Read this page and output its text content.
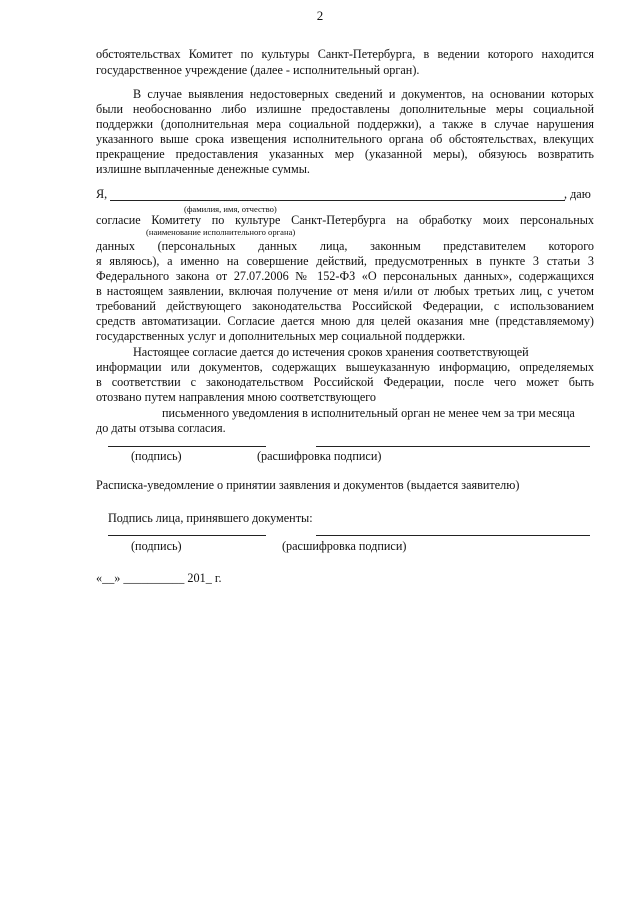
2
обстоятельствах Комитет по культуры Санкт-Петербурга, в ведении которого находится
государственное учреждение (далее - исполнительный орган).
В случае выявления недостоверных сведений и документов, на основании которых
были необоснованно либо излишне предоставлены дополнительные меры социальной
поддержки (дополнительная мера социальной поддержки), а также в случае нарушения
указанного выше срока извещения исполнительного органа об обстоятельствах, влекущих
прекращение предоставления указанных мер (указанной меры), обязуюсь возвратить
излишне выплаченные денежные суммы.
Я,	, даю
(фамилия, имя, отчество)
согласие Комитету по культуре Санкт-Петербурга на обработку моих персональных
(наименование исполнительного органа)
данных (персональных данных лица, законным представителем которого
я являюсь), а именно на совершение действий, предусмотренных в пункте 3 статьи 3
Федерального закона от 27.07.2006 № 152-ФЗ «О персональных данных», содержащихся
в настоящем заявлении, включая получение от меня и/или от любых третьих лиц, с учетом
требований действующего законодательства Российской Федерации, с использованием
средств автоматизации. Согласие дается мною для целей оказания мне (представляемому)
государственных услуг и дополнительных мер социальной поддержки.
Настоящее согласие дается до истечения сроков хранения соответствующей
информации или документов, содержащих вышеуказанную информацию, определяемых
в соответствии с законодательством Российской Федерации, после чего может быть
отозвано путем направления мною соответствующего
письменного уведомления в исполнительный орган не менее чем за три месяца
до даты отзыва согласия.
(подпись)	(расшифровка подписи)
Расписка-уведомление о принятии заявления и документов (выдается заявителю)
Подпись лица, принявшего документы:
(подпись)	(расшифровка подписи)
«__» __________ 201_ г.
